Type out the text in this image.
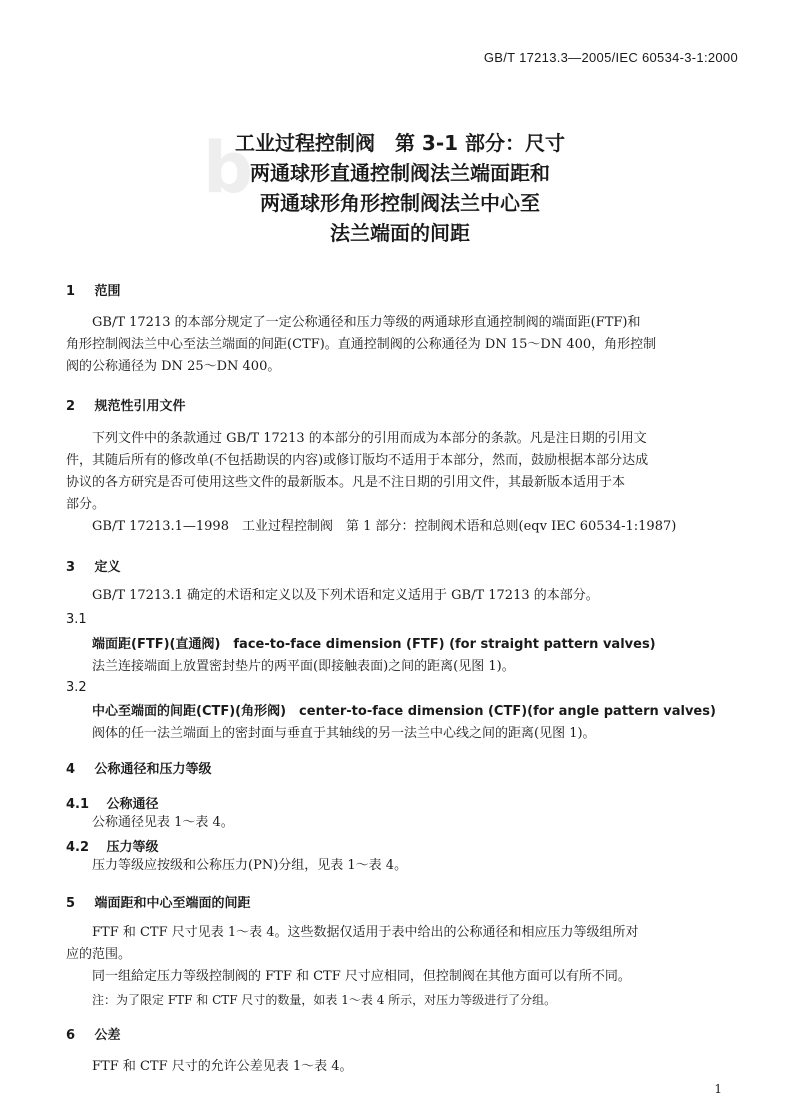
GB/T 17213.3—2005/IEC 60534-3-1:2000
b
工业过程控制阀　第 3-1 部分：尺寸
两通球形直通控制阀法兰端面距和
两通球形角形控制阀法兰中心至
法兰端面的间距
1 范围
GB/T 17213 的本部分规定了一定公称通径和压力等级的两通球形直通控制阀的端面距(FTF)和
角形控制阀法兰中心至法兰端面的间距(CTF)。直通控制阀的公称通径为 DN 15～DN 400，角形控制
阀的公称通径为 DN 25～DN 400。
2 规范性引用文件
下列文件中的条款通过 GB/T 17213 的本部分的引用而成为本部分的条款。凡是注日期的引用文
件，其随后所有的修改单(不包括勘误的内容)或修订版均不适用于本部分，然而，鼓励根据本部分达成
协议的各方研究是否可使用这些文件的最新版本。凡是不注日期的引用文件，其最新版本适用于本
部分。
GB/T 17213.1—1998　工业过程控制阀　第 1 部分：控制阀术语和总则(eqv IEC 60534-1:1987)
3 定义
GB/T 17213.1 确定的术语和定义以及下列术语和定义适用于 GB/T 17213 的本部分。
3.1
端面距(FTF)(直通阀)　face-to-face dimension (FTF) (for straight pattern valves)
法兰连接端面上放置密封垫片的两平面(即接触表面)之间的距离(见图 1)。
3.2
中心至端面的间距(CTF)(角形阀)　center-to-face dimension (CTF)(for angle pattern valves)
阀体的任一法兰端面上的密封面与垂直于其轴线的另一法兰中心线之间的距离(见图 1)。
4 公称通径和压力等级
4.1 公称通径
公称通径见表 1～表 4。
4.2 压力等级
压力等级应按级和公称压力(PN)分组，见表 1～表 4。
5 端面距和中心至端面的间距
FTF 和 CTF 尺寸见表 1～表 4。这些数据仅适用于表中给出的公称通径和相应压力等级组所对
应的范围。
同一组給定压力等级控制阀的 FTF 和 CTF 尺寸应相同，但控制阀在其他方面可以有所不同。
注：为了限定 FTF 和 CTF 尺寸的数量，如表 1～表 4 所示，对压力等级进行了分组。
6 公差
FTF 和 CTF 尺寸的允许公差见表 1～表 4。
1
